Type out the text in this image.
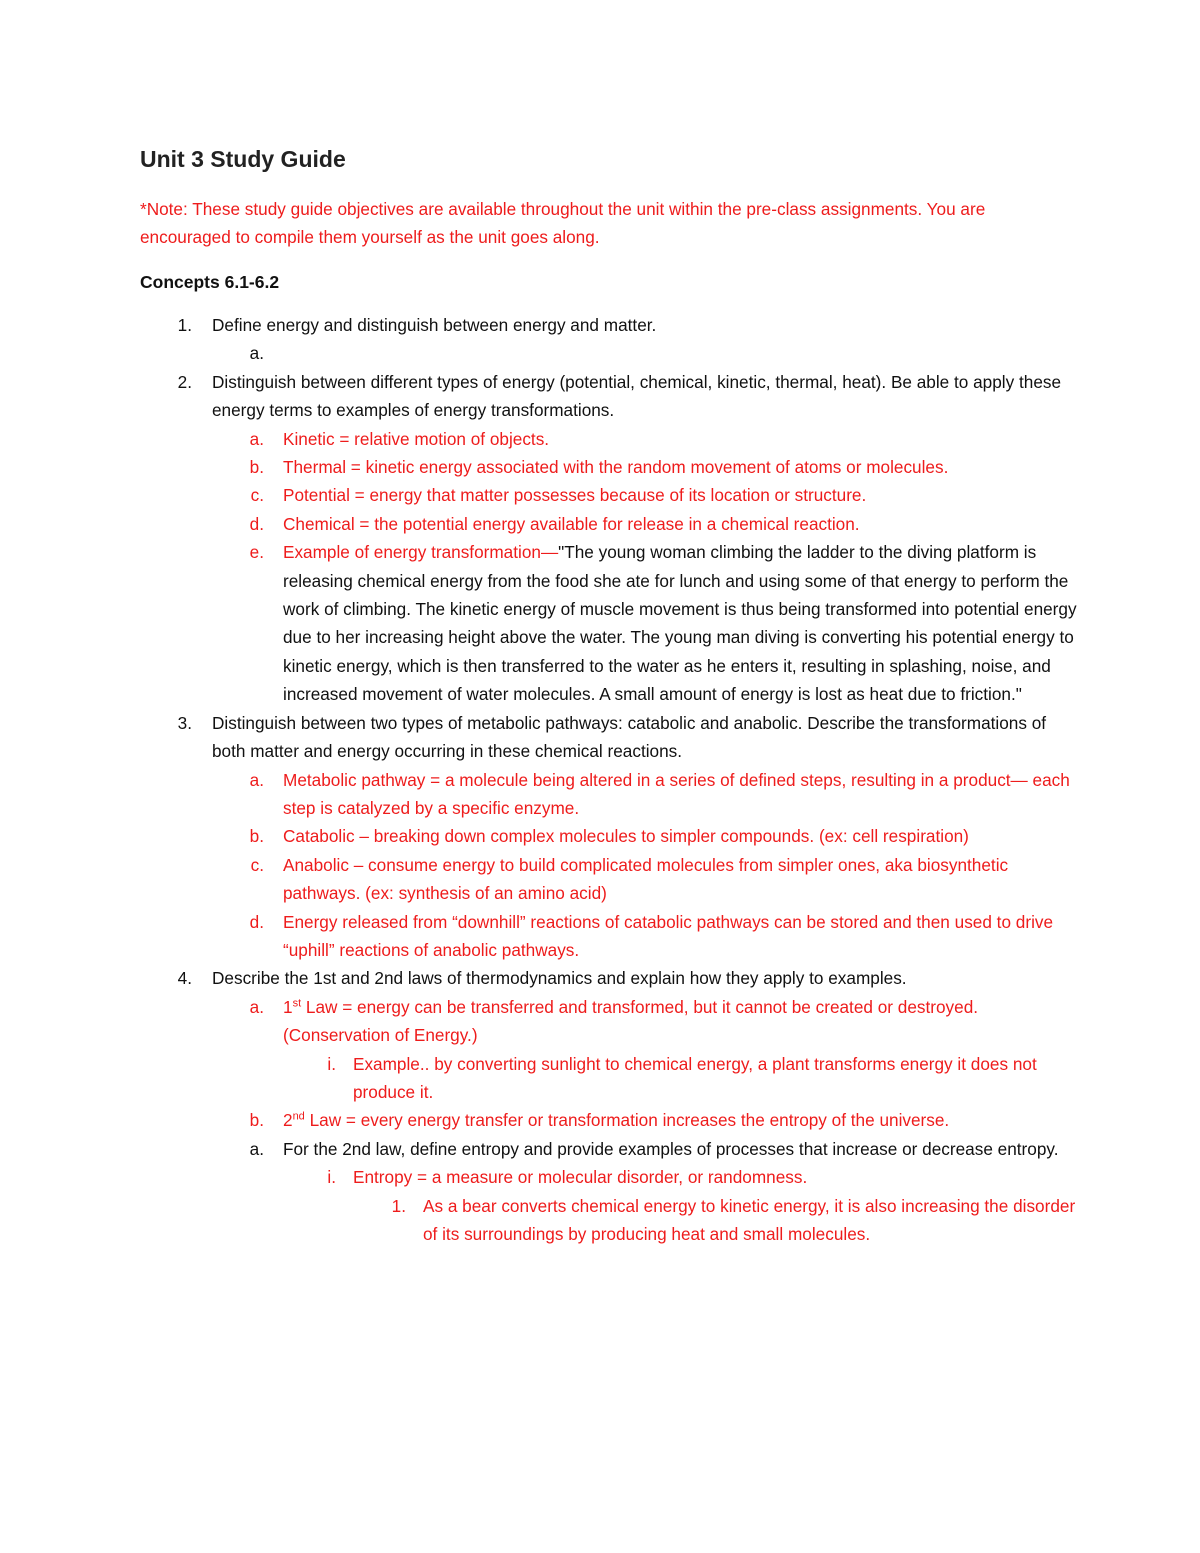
Unit 3 Study Guide
*Note: These study guide objectives are available throughout the unit within the pre-class assignments. You are encouraged to compile them yourself as the unit goes along.
Concepts 6.1-6.2
1. Define energy and distinguish between energy and matter.
a.

2. Distinguish between different types of energy (potential, chemical, kinetic, thermal, heat). Be able to apply these energy terms to examples of energy transformations.
a. Kinetic = relative motion of objects.
b. Thermal = kinetic energy associated with the random movement of atoms or molecules.
c. Potential = energy that matter possesses because of its location or structure.
d. Chemical = the potential energy available for release in a chemical reaction.
e. Example of energy transformation—"The young woman climbing the ladder to the diving platform is releasing chemical energy from the food she ate for lunch and using some of that energy to perform the work of climbing. The kinetic energy of muscle movement is thus being transformed into potential energy due to her increasing height above the water. The young man diving is converting his potential energy to kinetic energy, which is then transferred to the water as he enters it, resulting in splashing, noise, and increased movement of water molecules. A small amount of energy is lost as heat due to friction."
3. Distinguish between two types of metabolic pathways: catabolic and anabolic. Describe the transformations of both matter and energy occurring in these chemical reactions.
a. Metabolic pathway = a molecule being altered in a series of defined steps, resulting in a product— each step is catalyzed by a specific enzyme.
b. Catabolic – breaking down complex molecules to simpler compounds. (ex: cell respiration)
c. Anabolic – consume energy to build complicated molecules from simpler ones, aka biosynthetic pathways. (ex: synthesis of an amino acid)
d. Energy released from “downhill” reactions of catabolic pathways can be stored and then used to drive “uphill” reactions of anabolic pathways.
4. Describe the 1st and 2nd laws of thermodynamics and explain how they apply to examples.
a. 1st Law = energy can be transferred and transformed, but it cannot be created or destroyed. (Conservation of Energy.)
i. Example.. by converting sunlight to chemical energy, a plant transforms energy it does not produce it.
b. 2nd Law = every energy transfer or transformation increases the entropy of the universe.
a. For the 2nd law, define entropy and provide examples of processes that increase or decrease entropy.
i. Entropy = a measure or molecular disorder, or randomness.
1. As a bear converts chemical energy to kinetic energy, it is also increasing the disorder of its surroundings by producing heat and small molecules.
